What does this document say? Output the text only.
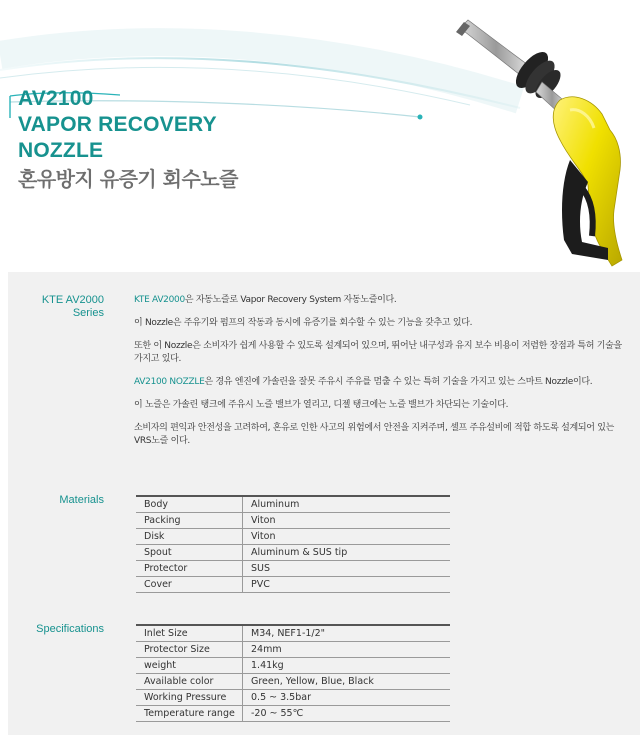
AV2100
VAPOR RECOVERY
NOZZLE
혼유방지 유증기 회수노즐
KTE AV2000
Series
Materials
Specifications

KTE AV2000은 자동노즐로 Vapor Recovery System 자동노즐이다.

이 Nozzle은 주유기와 펌프의 작동과 동시에 유증기를 회수할 수 있는 기능을 갖추고 있다.

또한 이 Nozzle은 소비자가 쉽게 사용할 수 있도록 설계되어 있으며, 뛰어난 내구성과 유지 보수 비용이 저렴한 장점과 특허 기술을 가지고 있다.

AV2100 NOZZLE은 경유 엔진에 가솔린을 잘못 주유시 주유를 멈출 수 있는 특허 기술을 가지고 있는 스마트 Nozzle이다.

이 노즐은 가솔린 탱크에 주유시 노즐 밸브가 열리고, 디젤 탱크에는 노즐 밸브가 차단되는 기술이다.

소비자의 편익과 안전성을 고려하여, 혼유로 인한 사고의 위험에서 안전을 지켜주며, 셀프 주유설비에 적합 하도록 설계되어 있는 VRS노즐 이다.

Body	Aluminum
Packing	Viton
Disk	Viton
Spout	Aluminum & SUS tip
Protector	SUS
Cover	PVC
Inlet Size	M34, NEF1-1/2"
Protector Size	24mm
weight	1.41kg
Available color	Green, Yellow, Blue, Black
Working Pressure	0.5 ~ 3.5bar
Temperature range	-20 ~ 55℃
